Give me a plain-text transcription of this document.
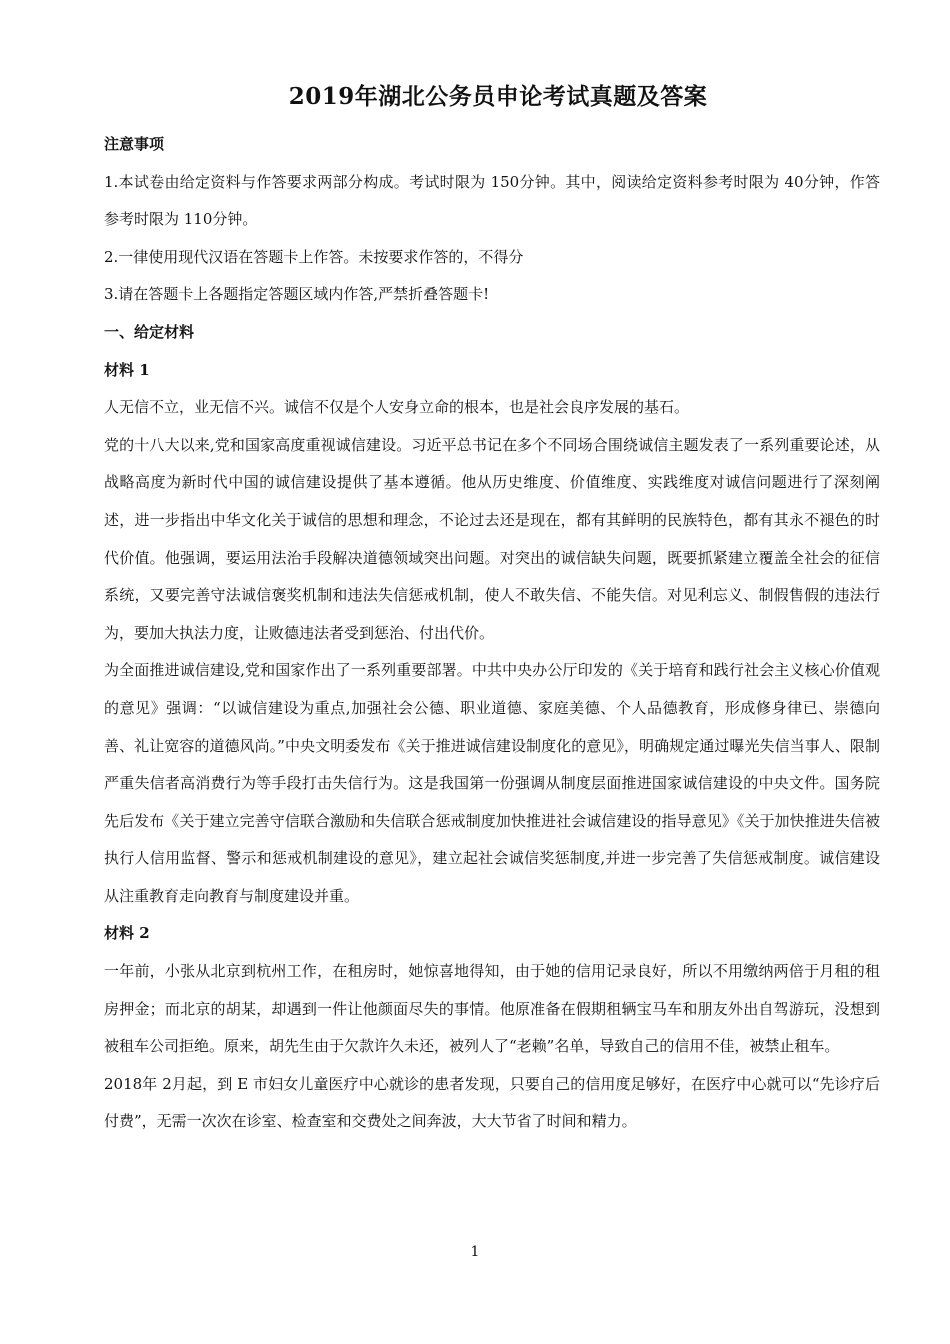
2019年湖北公务员申论考试真题及答案

注意事项

1.本试卷由给定资料与作答要求两部分构成。考试时限为 150分钟。其中，阅读给定资料参考时限为 40分钟，作答参考时限为 110分钟。

2.一律使用现代汉语在答题卡上作答。未按要求作答的，不得分

3.请在答题卡上各题指定答题区域内作答,严禁折叠答题卡!

一、给定材料

材料 1

人无信不立，业无信不兴。诚信不仅是个人安身立命的根本，也是社会良序发展的基石。

党的十八大以来,党和国家高度重视诚信建设。习近平总书记在多个不同场合围绕诚信主题发表了一系列重要论述，从战略高度为新时代中国的诚信建设提供了基本遵循。他从历史维度、价值维度、实践维度对诚信问题进行了深刻阐述，进一步指出中华文化关于诚信的思想和理念，不论过去还是现在，都有其鲜明的民族特色，都有其永不褪色的时代价值。他强调，要运用法治手段解决道德领域突出问题。对突出的诚信缺失问题，既要抓紧建立覆盖全社会的征信系统，又要完善守法诚信褒奖机制和违法失信惩戒机制，使人不敢失信、不能失信。对见利忘义、制假售假的违法行为，要加大执法力度，让败德违法者受到惩治、付出代价。

为全面推进诚信建设,党和国家作出了一系列重要部署。中共中央办公厅印发的《关于培育和践行社会主义核心价值观的意见》强调：“以诚信建设为重点,加强社会公德、职业道德、家庭美德、个人品德教育，形成修身律已、崇德向善、礼让宽容的道德风尚。”中央文明委发布《关于推进诚信建设制度化的意见》，明确规定通过曝光失信当事人、限制严重失信者高消费行为等手段打击失信行为。这是我国第一份强调从制度层面推进国家诚信建设的中央文件。国务院先后发布《关于建立完善守信联合激励和失信联合惩戒制度加快推进社会诚信建设的指导意见》《关于加快推进失信被执行人信用监督、警示和惩戒机制建设的意见》，建立起社会诚信奖惩制度,并进一步完善了失信惩戒制度。诚信建设从注重教育走向教育与制度建设并重。

材料 2

一年前，小张从北京到杭州工作，在租房时，她惊喜地得知，由于她的信用记录良好，所以不用缴纳两倍于月租的租房押金；而北京的胡某，却遇到一件让他颜面尽失的事情。他原准备在假期租辆宝马车和朋友外出自驾游玩，没想到被租车公司拒绝。原来，胡先生由于欠款许久未还，被列人了“老赖”名单，导致自己的信用不佳，被禁止租车。

2018年 2月起，到 E 市妇女儿童医疗中心就诊的患者发现，只要自己的信用度足够好，在医疗中心就可以“先诊疗后付费”，无需一次次在诊室、检查室和交费处之间奔波，大大节省了时间和精力。

1
